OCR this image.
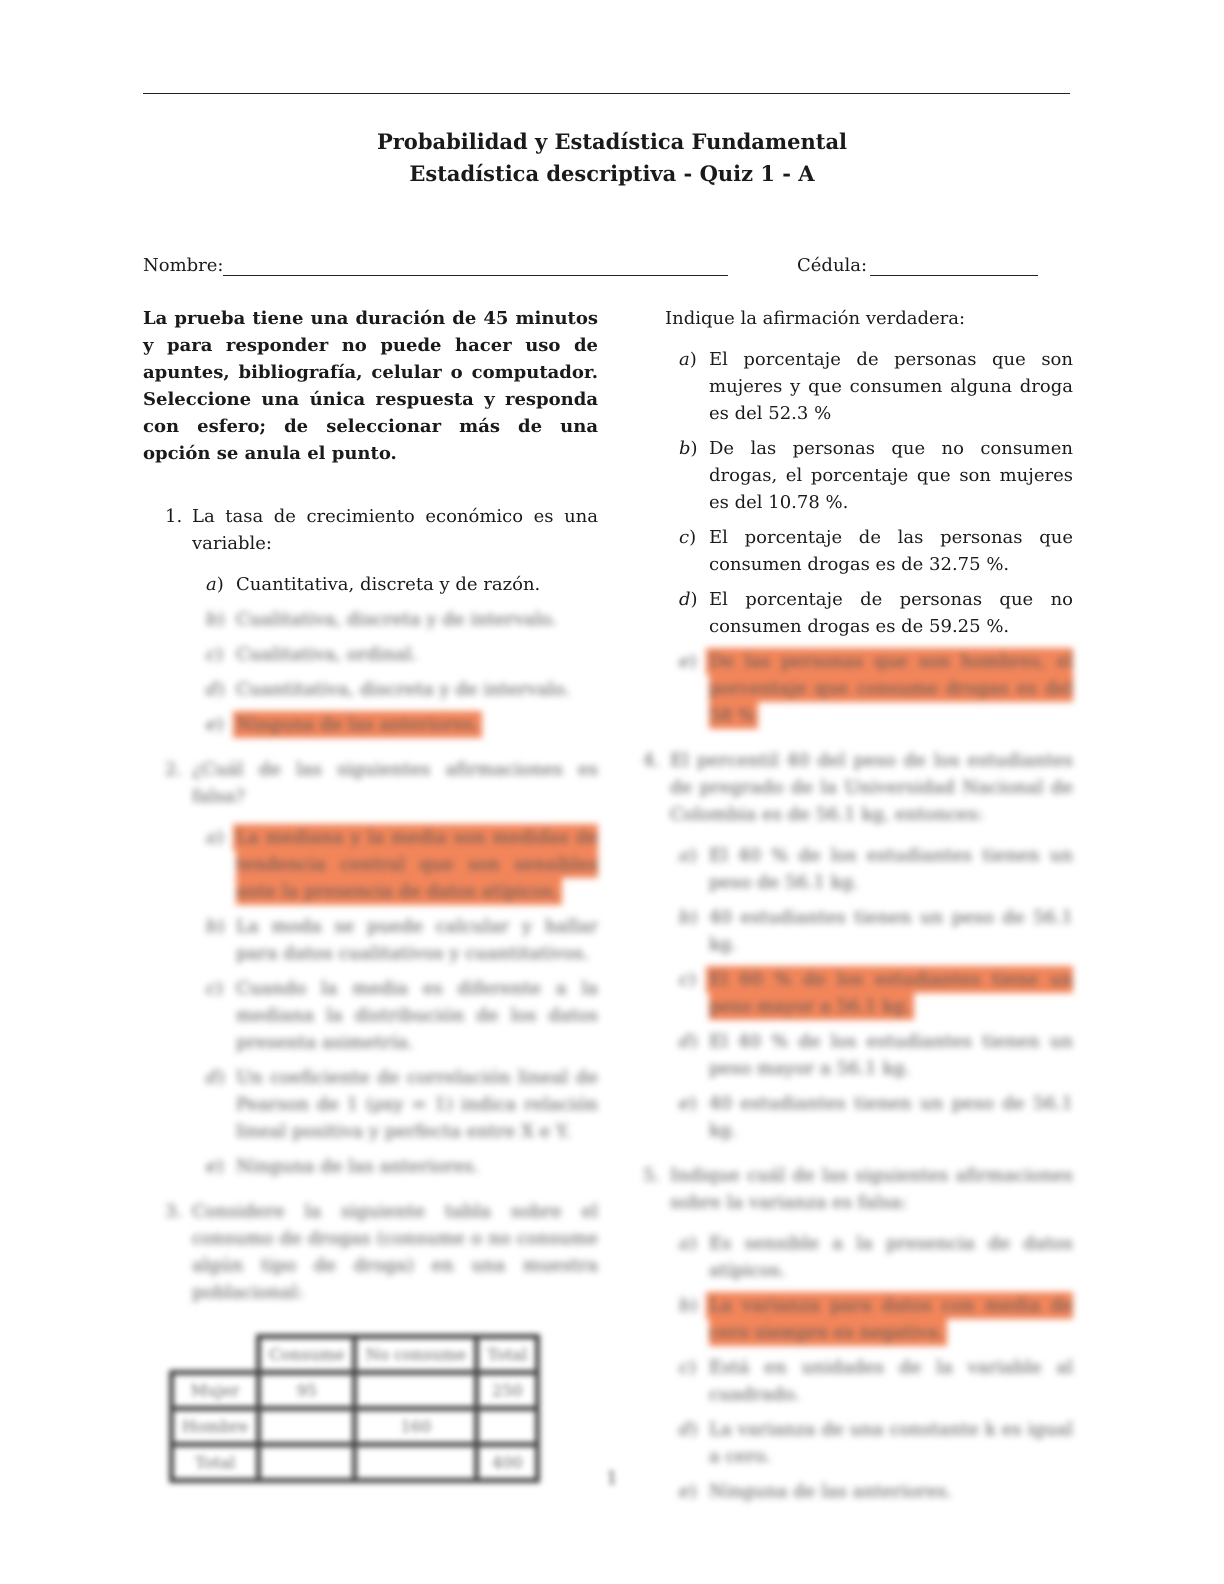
Probabilidad y Estadística Fundamental
Estadística descriptiva - Quiz 1 - A
Nombre:	Cédula:

La prueba tiene una duración de 45 minutos y para responder no puede hacer uso de apuntes, bibliografía, celular o computador. Seleccione una única respuesta y responda con esfero; de seleccionar más de una opción se anula el punto.

1. La tasa de crecimiento económico es una variable:
a) Cuantitativa, discreta y de razón.
b) Cualitativa, discreta y de intervalo.
c) Cualitativa, ordinal.
d) Cuantitativa, discreta y de intervalo.
e) Ninguna de las anteriores.
2. ¿Cuál de las siguientes afirmaciones es falsa?
a) La mediana y la media son medidas de tendencia central que son sensibles ante la presencia de datos atípicos.
b) La moda se puede calcular y hallar para datos cualitativos y cuantitativos.
c) Cuando la media es diferente a la mediana la distribución de los datos presenta asimetría.
d) Un coeficiente de correlación lineal de Pearson de 1 (ρxy = 1) indica relación lineal positiva y perfecta entre X e Y.
e) Ninguna de las anteriores.
3. Considere la siguiente tabla sobre el consumo de drogas (consume o no consume algún tipo de droga) en una muestra poblacional:
	Consume	No consume	Total
Mujer	95		250
Hombre		160	
Total			400

Indique la afirmación verdadera:

a) El porcentaje de personas que son mujeres y que consumen alguna droga es del 52.3 %
b) De las personas que no consumen drogas, el porcentaje que son mujeres es del 10.78 %.
c) El porcentaje de las personas que consumen drogas es de 32.75 %.
d) El porcentaje de personas que no consumen drogas es de 59.25 %.
e) De las personas que son hombres, el porcentaje que consume drogas es del 58 %
4. El percentil 40 del peso de los estudiantes de pregrado de la Universidad Nacional de Colombia es de 56.1 kg, entonces:
a) El 40 % de los estudiantes tienen un peso de 56.1 kg.
b) 40 estudiantes tienen un peso de 56.1 kg.
c) El 60 % de los estudiantes tiene un peso mayor a 56.1 kg.
d) El 40 % de los estudiantes tienen un peso mayor a 56.1 kg.
e) 40 estudiantes tienen un peso de 56.1 kg.
5. Indique cuál de las siguientes afirmaciones sobre la varianza es falsa:
a) Es sensible a la presencia de datos atípicos.
b) La varianza para datos con media de cero siempre es negativa.
c) Está en unidades de la variable al cuadrado.
d) La varianza de una constante k es igual a cero.
e) Ninguna de las anteriores.
1
